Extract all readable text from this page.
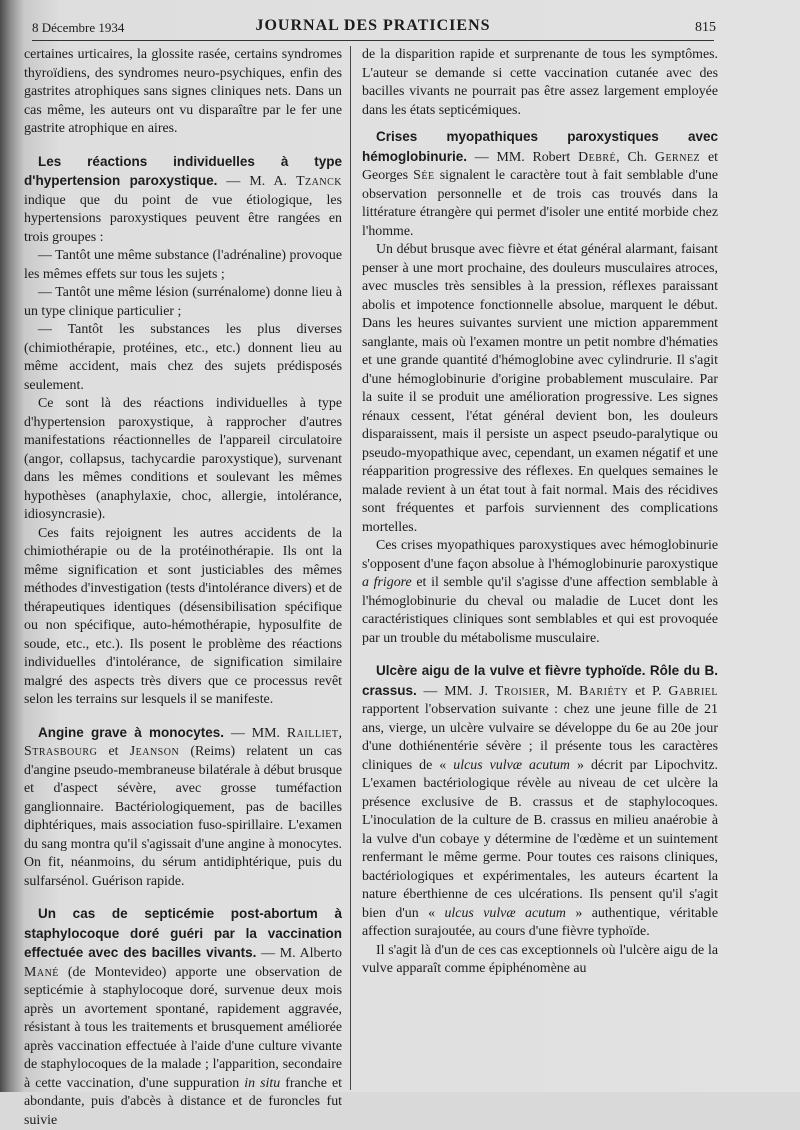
8 Décembre 1934	JOURNAL DES PRATICIENS	815

certaines urticaires, la glossite rasée, certains syndromes thyroïdiens, des syndromes neuro-psychiques, enfin des gastrites atrophiques sans signes cliniques nets. Dans un cas même, les auteurs ont vu disparaître par le fer une gastrite atrophique en aires.

Les réactions individuelles à type d'hypertension paroxystique. — M. A. Tzanck indique que du point de vue étiologique, les hypertensions paroxystiques peuvent être rangées en trois groupes :

— Tantôt une même substance (l'adrénaline) provoque les mêmes effets sur tous les sujets ;

— Tantôt une même lésion (surrénalome) donne lieu à un type clinique particulier ;

— Tantôt les substances les plus diverses (chimiothérapie, protéines, etc., etc.) donnent lieu au même accident, mais chez des sujets prédisposés seulement.

Ce sont là des réactions individuelles à type d'hypertension paroxystique, à rapprocher d'autres manifestations réactionnelles de l'appareil circulatoire (angor, collapsus, tachycardie paroxystique), survenant dans les mêmes conditions et soulevant les mêmes hypothèses (anaphylaxie, choc, allergie, intolérance, idiosyncrasie).

Ces faits rejoignent les autres accidents de la chimiothérapie ou de la protéinothérapie. Ils ont la même signification et sont justiciables des mêmes méthodes d'investigation (tests d'intolérance divers) et de thérapeutiques identiques (désensibilisation spécifique ou non spécifique, auto-hémothérapie, hyposulfite de soude, etc., etc.). Ils posent le problème des réactions individuelles d'intolérance, de signification similaire malgré des aspects très divers que ce processus revêt selon les terrains sur lesquels il se manifeste.

Angine grave à monocytes. — MM. Railliet, Strasbourg et Jeanson (Reims) relatent un cas d'angine pseudo-membraneuse bilatérale à début brusque et d'aspect sévère, avec grosse tuméfaction ganglionnaire. Bactériologiquement, pas de bacilles diphtériques, mais association fuso-spirillaire. L'examen du sang montra qu'il s'agissait d'une angine à monocytes. On fit, néanmoins, du sérum antidiphtérique, puis du sulfarsénol. Guérison rapide.

Un cas de septicémie post-abortum à staphylocoque doré guéri par la vaccination effectuée avec des bacilles vivants. — M. Alberto Mané (de Montevideo) apporte une observation de septicémie à staphylocoque doré, survenue deux mois après un avortement spontané, rapidement aggravée, résistant à tous les traitements et brusquement améliorée après vaccination effectuée à l'aide d'une culture vivante de staphylocoques de la malade ; l'apparition, secondaire à cette vaccination, d'une suppuration in situ franche et abondante, puis d'abcès à distance et de furoncles fut suivie

de la disparition rapide et surprenante de tous les symptômes. L'auteur se demande si cette vaccination cutanée avec des bacilles vivants ne pourrait pas être assez largement employée dans les états septicémiques.

Crises myopathiques paroxystiques avec hémoglobinurie. — MM. Robert Debré, Ch. Gernez et Georges Sée signalent le caractère tout à fait semblable d'une observation personnelle et de trois cas trouvés dans la littérature étrangère qui permet d'isoler une entité morbide chez l'homme.

Un début brusque avec fièvre et état général alarmant, faisant penser à une mort prochaine, des douleurs musculaires atroces, avec muscles très sensibles à la pression, réflexes paraissant abolis et impotence fonctionnelle absolue, marquent le début. Dans les heures suivantes survient une miction apparemment sanglante, mais où l'examen montre un petit nombre d'hématies et une grande quantité d'hémoglobine avec cylindrurie. Il s'agit d'une hémoglobinurie d'origine probablement musculaire. Par la suite il se produit une amélioration progressive. Les signes rénaux cessent, l'état général devient bon, les douleurs disparaissent, mais il persiste un aspect pseudo-paralytique ou pseudo-myopathique avec, cependant, un examen négatif et une réapparition progressive des réflexes. En quelques semaines le malade revient à un état tout à fait normal. Mais des récidives sont fréquentes et parfois surviennent des complications mortelles.

Ces crises myopathiques paroxystiques avec hémoglobinurie s'opposent d'une façon absolue à l'hémoglobinurie paroxystique a frigore et il semble qu'il s'agisse d'une affection semblable à l'hémoglobinurie du cheval ou maladie de Lucet dont les caractéristiques cliniques sont semblables et qui est provoquée par un trouble du métabolisme musculaire.

Ulcère aigu de la vulve et fièvre typhoïde. Rôle du B. crassus. — MM. J. Troisier, M. Bariéty et P. Gabriel rapportent l'observation suivante : chez une jeune fille de 21 ans, vierge, un ulcère vulvaire se développe du 6e au 20e jour d'une dothiénentérie sévère ; il présente tous les caractères cliniques de « ulcus vulvæ acutum » décrit par Lipochvitz. L'examen bactériologique révèle au niveau de cet ulcère la présence exclusive de B. crassus et de staphylocoques. L'inoculation de la culture de B. crassus en milieu anaérobie à la vulve d'un cobaye y détermine de l'œdème et un suintement renfermant le même germe. Pour toutes ces raisons cliniques, bactériologiques et expérimentales, les auteurs écartent la nature éberthienne de ces ulcérations. Ils pensent qu'il s'agit bien d'un « ulcus vulvæ acutum » authentique, véritable affection surajoutée, au cours d'une fièvre typhoïde.

Il s'agit là d'un de ces cas exceptionnels où l'ulcère aigu de la vulve apparaît comme épiphénomène au
